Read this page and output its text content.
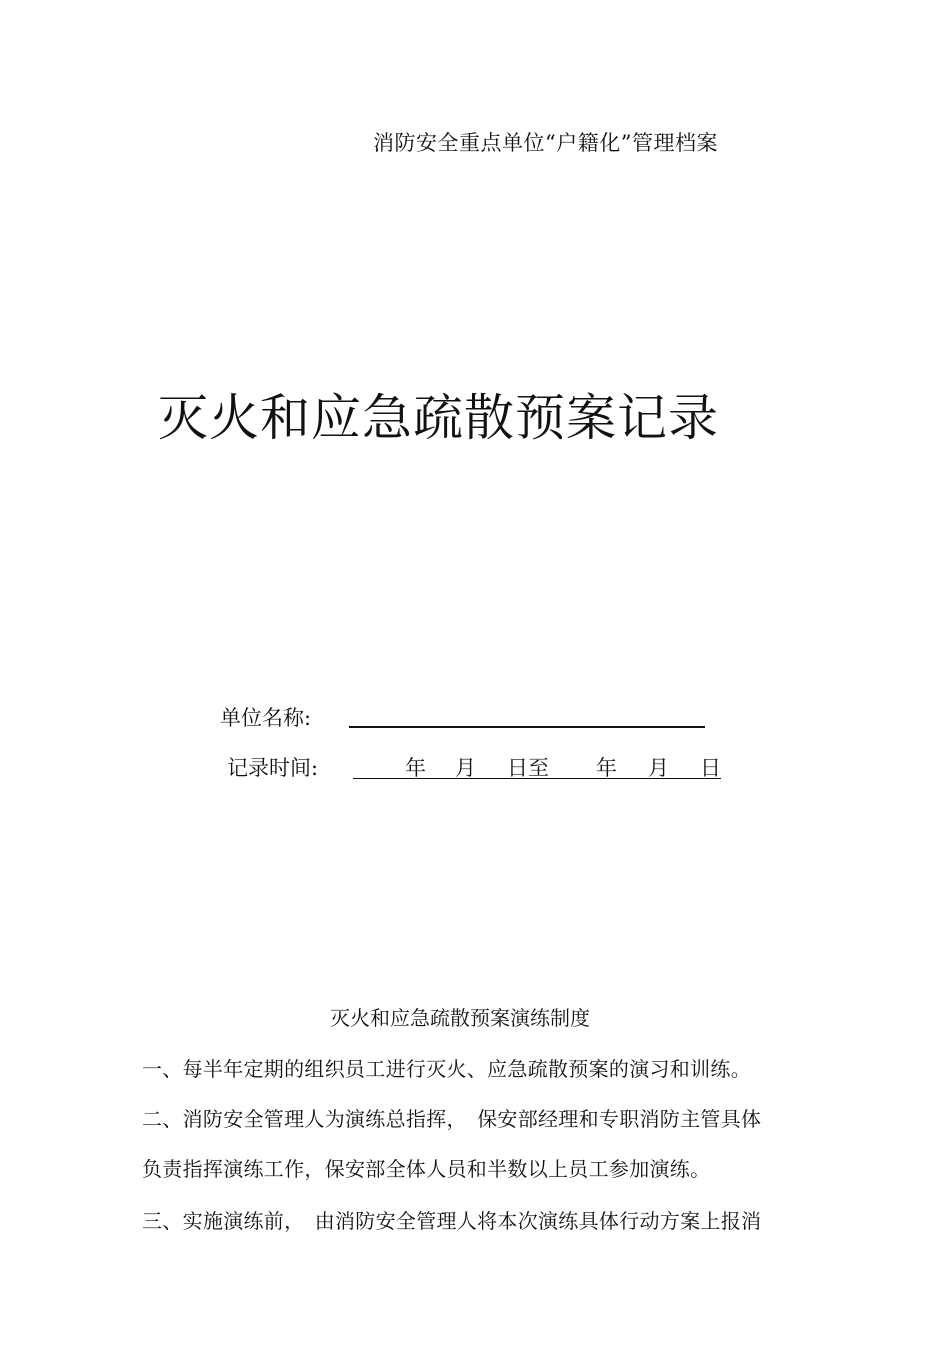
消防安全重点单位“户籍化”管理档案
灭火和应急疏散预案记录
单位名称:
记录时间:	年 月 日至 年 月 日
灭火和应急疏散预案演练制度
一、每半年定期的组织员工进行灭火、应急疏散预案的演习和训练。
二、消防安全管理人为演练总指挥，　保安部经理和专职消防主管具体
负责指挥演练工作，保安部全体人员和半数以上员工参加演练。
三、实施演练前，　由消防安全管理人将本次演练具体行动方案上报消
